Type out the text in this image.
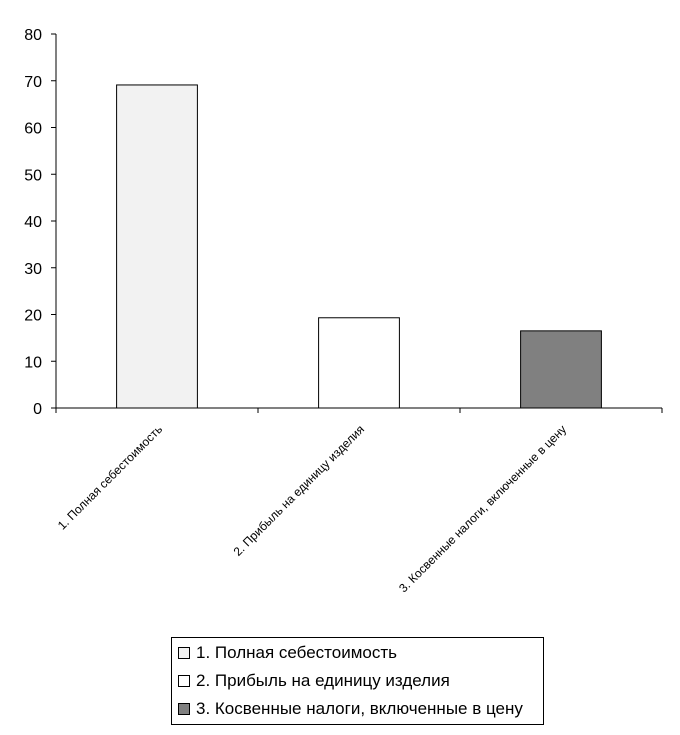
0
10
20
30
40
50
60
70
80
1. Полная себестоимость	2. Прибыль на единицу изделия 3. Косвенные налоги, включенные в цену
1. Полная себестоимость
2. Прибыль на единицу изделия
3. Косвенные налоги, включенные в цену
